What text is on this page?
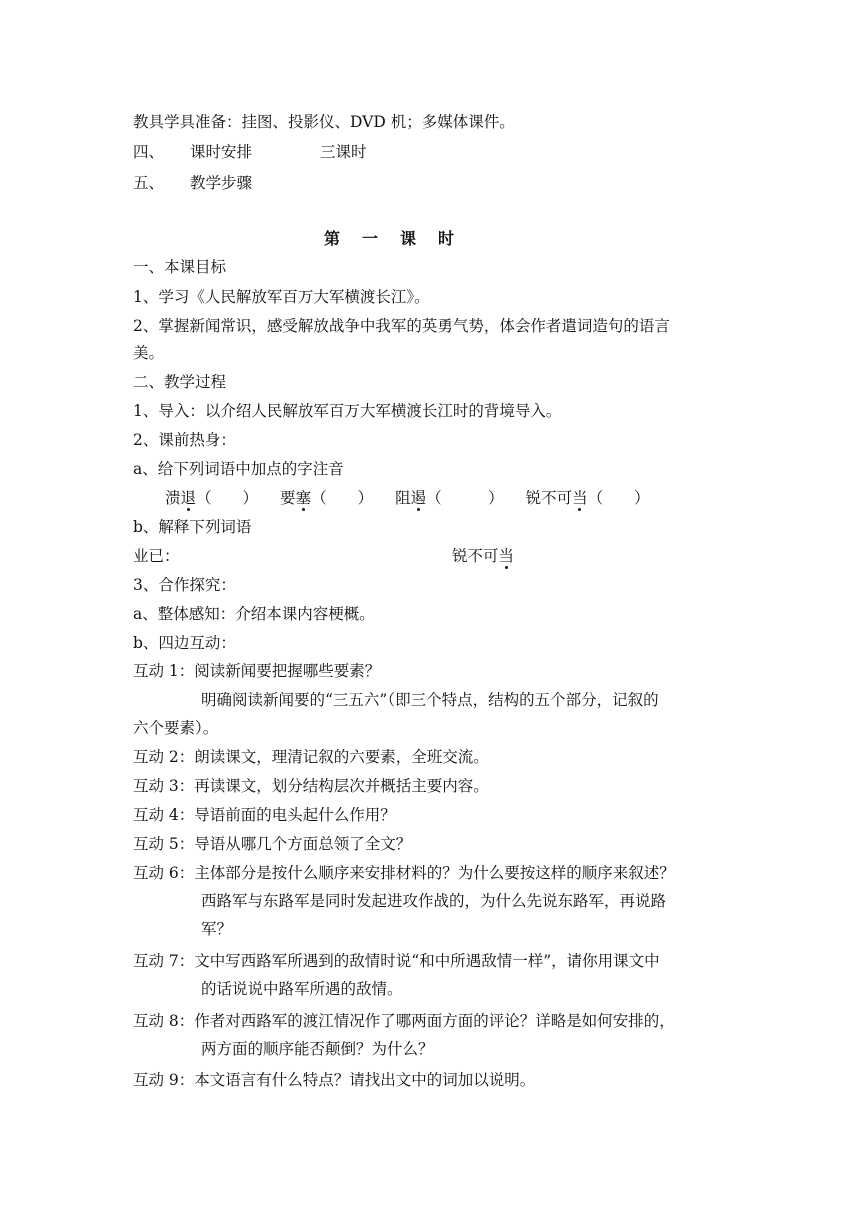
教具学具准备：挂图、投影仪、DVD 机；多媒体课件。
四、 课时安排	三课时
五、 教学步骤
第一课时
一、本课目标
1、学习《人民解放军百万大军横渡长江》。
2、掌握新闻常识，感受解放战争中我军的英勇气势，体会作者遣词造句的语言
美。
二、教学过程
1、导入：以介绍人民解放军百万大军横渡长江时的背境导入。
2、课前热身：
a、给下列词语中加点的字注音
溃退（　　） 要塞（　　） 阻遏（　　　） 锐不可当（　　）
b、解释下列词语
业已：	锐不可当
3、合作探究：
a、整体感知：介绍本课内容梗概。
b、四边互动：
互动 1：阅读新闻要把握哪些要素？
明确阅读新闻要的“三五六”（即三个特点，结构的五个部分，记叙的
六个要素）。
互动 2：朗读课文，理清记叙的六要素，全班交流。
互动 3：再读课文，划分结构层次并概括主要内容。
互动 4：导语前面的电头起什么作用？
互动 5：导语从哪几个方面总领了全文？
互动 6：主体部分是按什么顺序来安排材料的？为什么要按这样的顺序来叙述？
西路军与东路军是同时发起进攻作战的，为什么先说东路军，再说路
军？
互动 7：文中写西路军所遇到的敌情时说“和中所遇敌情一样”，请你用课文中
的话说说中路军所遇的敌情。
互动 8：作者对西路军的渡江情况作了哪两面方面的评论？详略是如何安排的，
两方面的顺序能否颠倒？为什么？
互动 9：本文语言有什么特点？请找出文中的词加以说明。
